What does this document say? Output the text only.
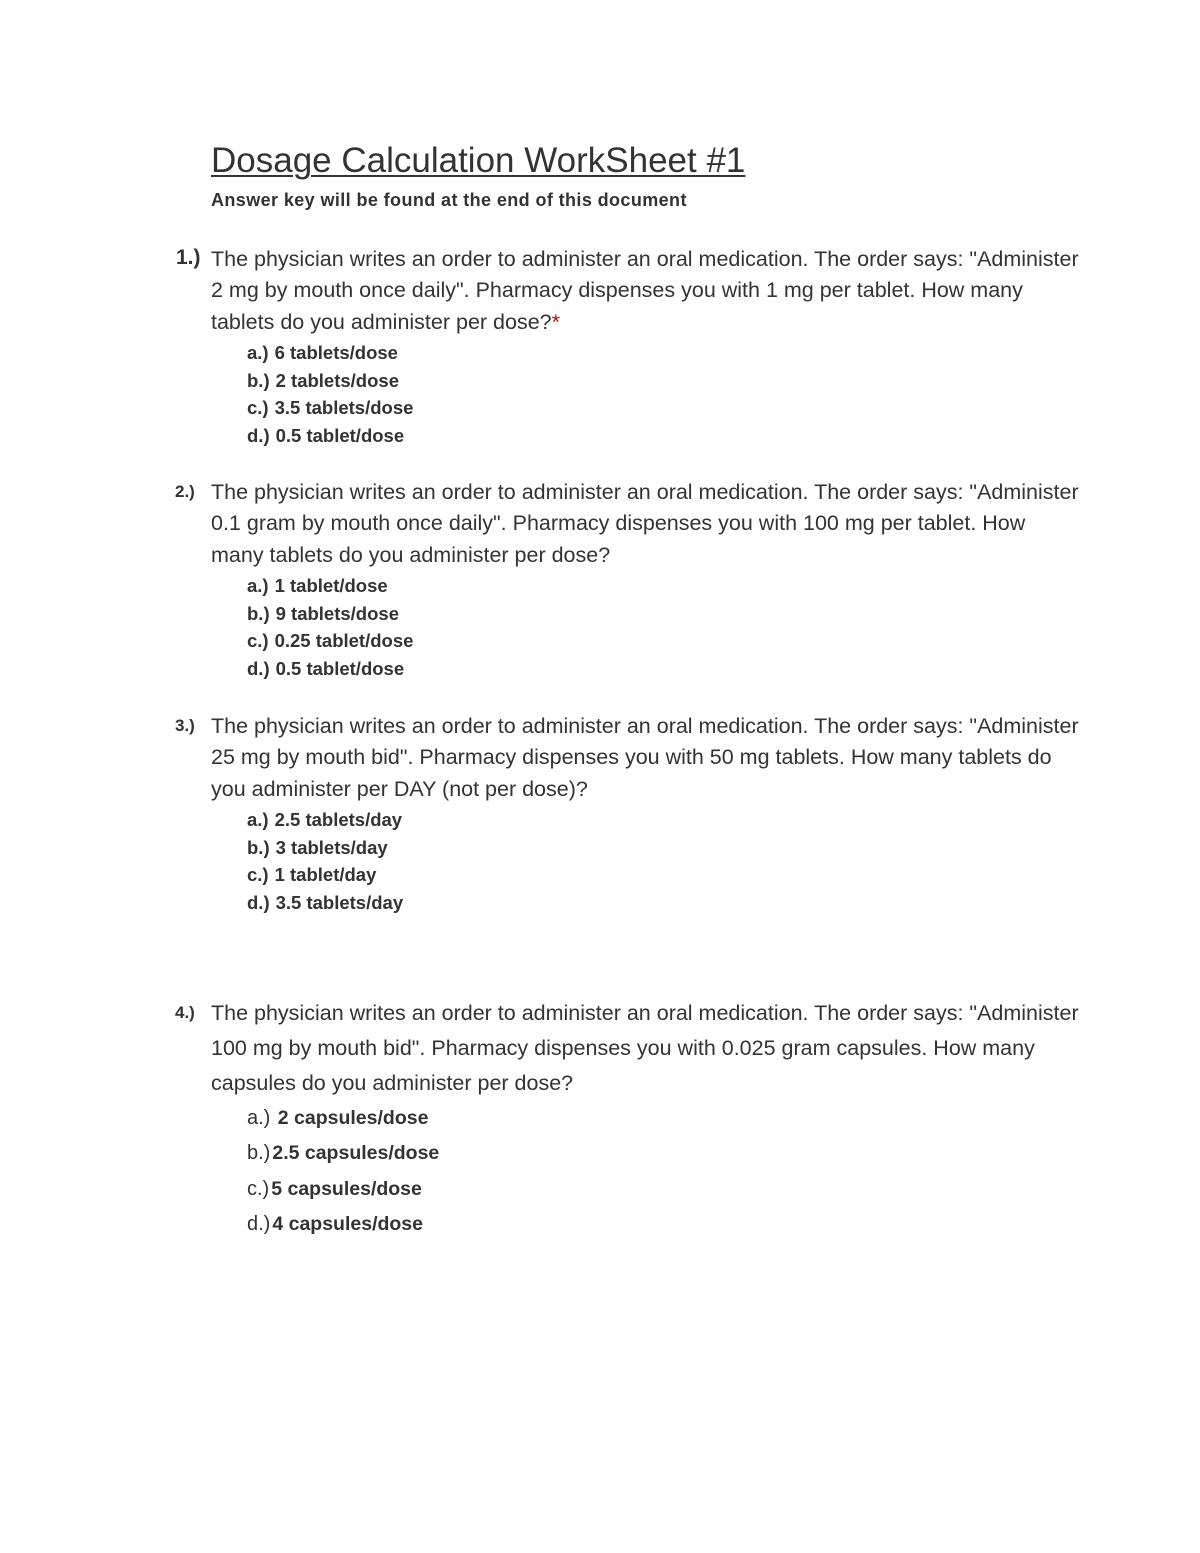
Dosage Calculation WorkSheet #1

Answer key will be found at the end of this document

1.) The physician writes an order to administer an oral medication. The order says: "Administer 2 mg by mouth once daily". Pharmacy dispenses you with 1 mg per tablet. How many tablets do you administer per dose?*

a.) 6 tablets/dose
b.) 2 tablets/dose
c.) 3.5 tablets/dose
d.) 0.5 tablet/dose
2.) The physician writes an order to administer an oral medication. The order says: "Administer 0.1 gram by mouth once daily". Pharmacy dispenses you with 100 mg per tablet. How many tablets do you administer per dose?

a.) 1 tablet/dose
b.) 9 tablets/dose
c.) 0.25 tablet/dose
d.) 0.5 tablet/dose
3.) The physician writes an order to administer an oral medication. The order says: "Administer 25 mg by mouth bid". Pharmacy dispenses you with 50 mg tablets. How many tablets do you administer per DAY (not per dose)?

a.) 2.5 tablets/day
b.) 3 tablets/day
c.) 1 tablet/day
d.) 3.5 tablets/day
4.) The physician writes an order to administer an oral medication. The order says: "Administer 100 mg by mouth bid". Pharmacy dispenses you with 0.025 gram capsules. How many capsules do you administer per dose?

a.) 2 capsules/dose
b.) 2.5 capsules/dose
c.) 5 capsules/dose
d.) 4 capsules/dose
